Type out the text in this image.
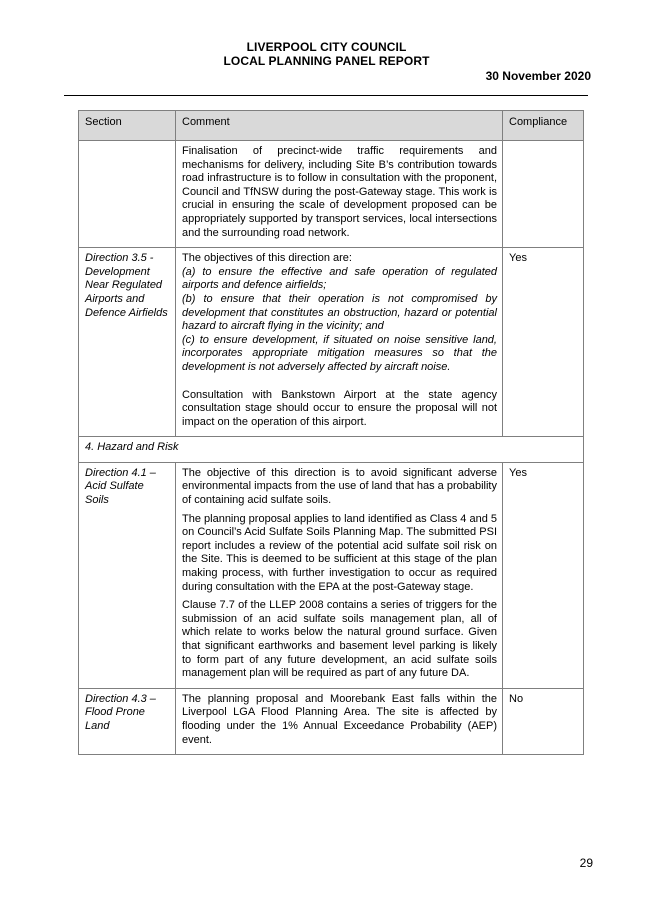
LIVERPOOL CITY COUNCIL
LOCAL PLANNING PANEL REPORT
30 November 2020
Section	Comment	Compliance

	Finalisation of precinct-wide traffic requirements and mechanisms for delivery, including Site B’s contribution towards road infrastructure is to follow in consultation with the proponent, Council and TfNSW during the post-Gateway stage. This work is crucial in ensuring the scale of development proposed can be appropriately supported by transport services, local intersections and the surrounding road network.	

Direction 3.5 - Development Near Regulated Airports and Defence Airfields	The objectives of this direction are:
(a) to ensure the effective and safe operation of regulated airports and defence airfields;
(b) to ensure that their operation is not compromised by development that constitutes an obstruction, hazard or potential hazard to aircraft flying in the vicinity; and
(c) to ensure development, if situated on noise sensitive land, incorporates appropriate mitigation measures so that the development is not adversely affected by aircraft noise.

Consultation with Bankstown Airport at the state agency consultation stage should occur to ensure the proposal will not impact on the operation of this airport.	Yes
4. Hazard and Risk		
Direction 4.1 – Acid Sulfate Soils	The objective of this direction is to avoid significant adverse environmental impacts from the use of land that has a probability of containing acid sulfate soils.

The planning proposal applies to land identified as Class 4 and 5 on Council’s Acid Sulfate Soils Planning Map. The submitted PSI report includes a review of the potential acid sulfate soil risk on the Site. This is deemed to be sufficient at this stage of the plan making process, with further investigation to occur as required during consultation with the EPA at the post-Gateway stage.

Clause 7.7 of the LLEP 2008 contains a series of triggers for the submission of an acid sulfate soils management plan, all of which relate to works below the natural ground surface. Given that significant earthworks and basement level parking is likely to form part of any future development, an acid sulfate soils management plan will be required as part of any future DA.	Yes
Direction 4.3 – Flood Prone Land	The planning proposal and Moorebank East falls within the Liverpool LGA Flood Planning Area. The site is affected by flooding under the 1% Annual Exceedance Probability (AEP) event.	No
29
